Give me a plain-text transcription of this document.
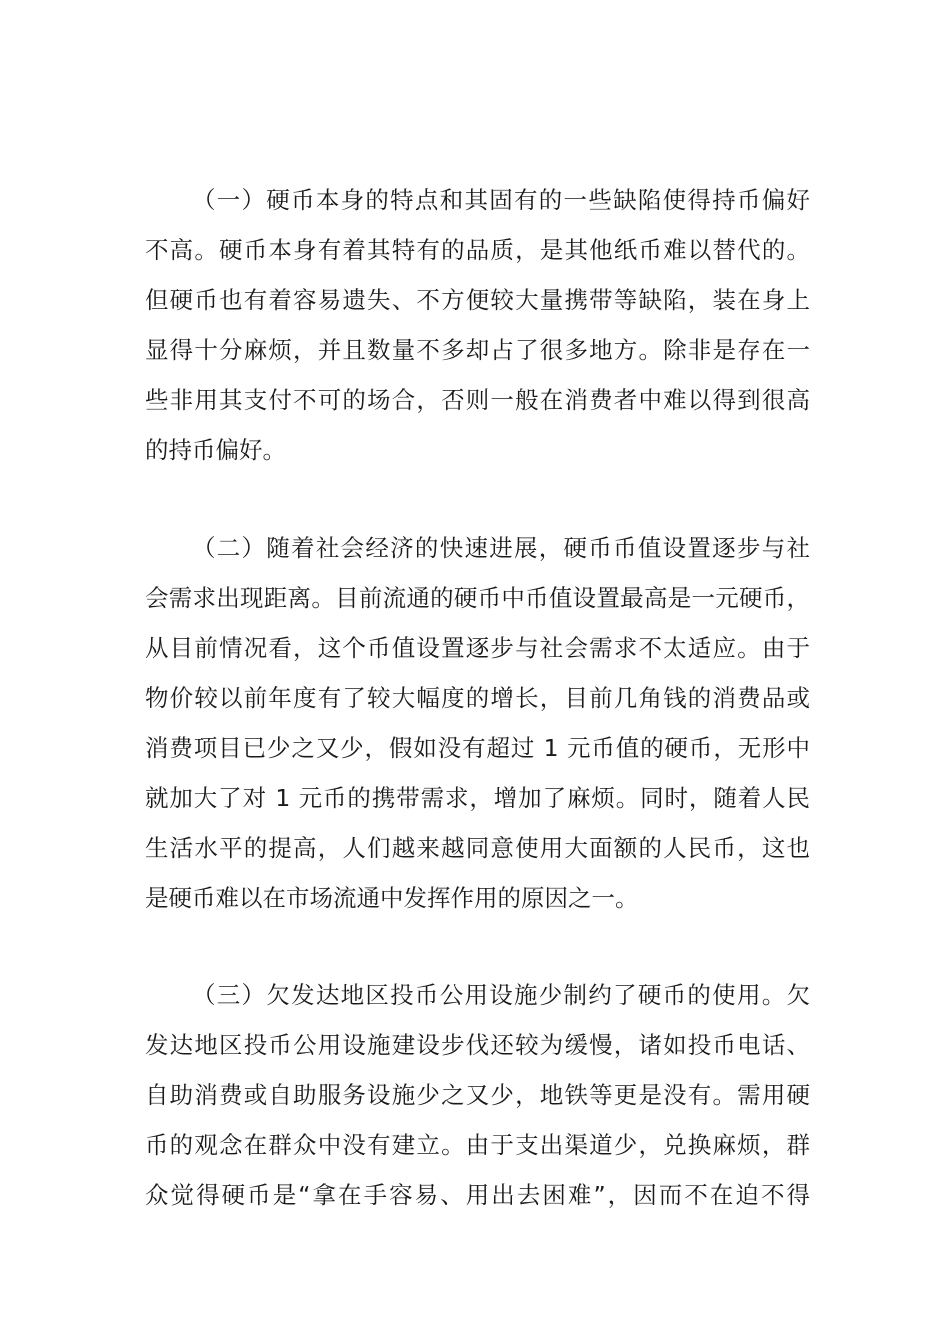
（一）硬币本身的特点和其固有的一些缺陷使得持币偏好
不高。硬币本身有着其特有的品质，是其他纸币难以替代的。
但硬币也有着容易遗失、不方便较大量携带等缺陷，装在身上
显得十分麻烦，并且数量不多却占了很多地方。除非是存在一
些非用其支付不可的场合，否则一般在消费者中难以得到很高
的持币偏好。
（二）随着社会经济的快速进展，硬币币值设置逐步与社
会需求出现距离。目前流通的硬币中币值设置最高是一元硬币，
从目前情况看，这个币值设置逐步与社会需求不太适应。由于
物价较以前年度有了较大幅度的增长，目前几角钱的消费品或
消费项目已少之又少，假如没有超过 1 元币值的硬币，无形中
就加大了对 1 元币的携带需求，增加了麻烦。同时，随着人民
生活水平的提高，人们越来越同意使用大面额的人民币，这也
是硬币难以在市场流通中发挥作用的原因之一。
（三）欠发达地区投币公用设施少制约了硬币的使用。欠
发达地区投币公用设施建设步伐还较为缓慢，诸如投币电话、
自助消费或自助服务设施少之又少，地铁等更是没有。需用硬
币的观念在群众中没有建立。由于支出渠道少，兑换麻烦，群
众觉得硬币是“拿在手容易、用出去困难”，因而不在迫不得
